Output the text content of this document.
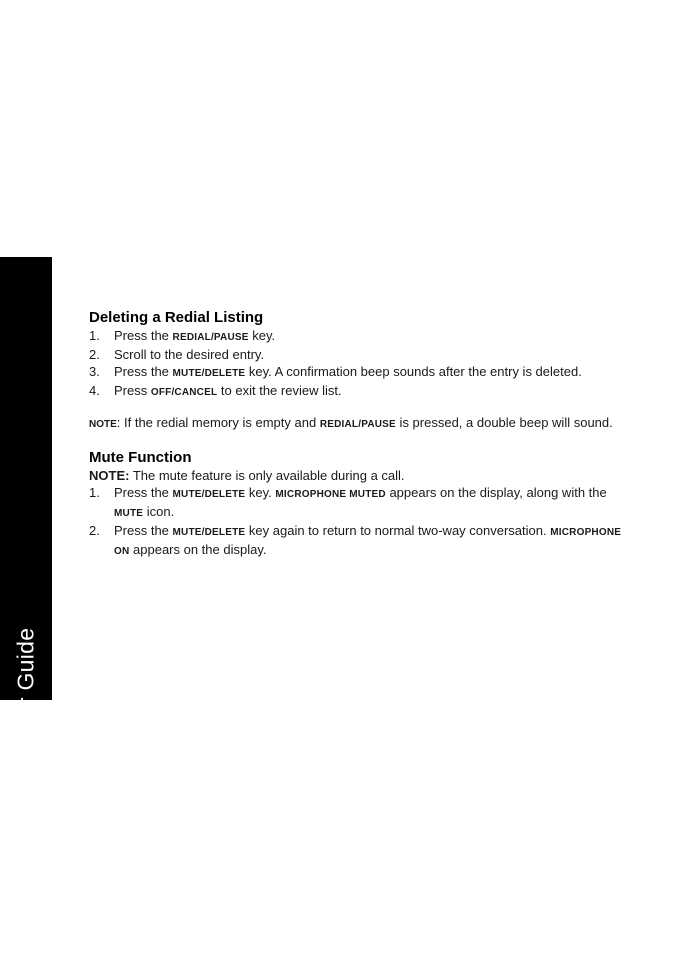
MD7151 User Guide
16
Deleting a Redial Listing
1. Press the REDIAL/PAUSE key.
2. Scroll to the desired entry.
3. Press the MUTE/DELETE key. A confirmation beep sounds after the entry is deleted.
4. Press OFF/CANCEL to exit the review list.

NOTE: If the redial memory is empty and REDIAL/PAUSE is pressed, a double beep will sound.

Mute Function
NOTE: The mute feature is only available during a call.
1. Press the MUTE/DELETE key. MICROPHONE MUTED appears on the display, along with the MUTE icon.
2. Press the MUTE/DELETE key again to return to normal two-way conversation. MICROPHONE ON appears on the display.
